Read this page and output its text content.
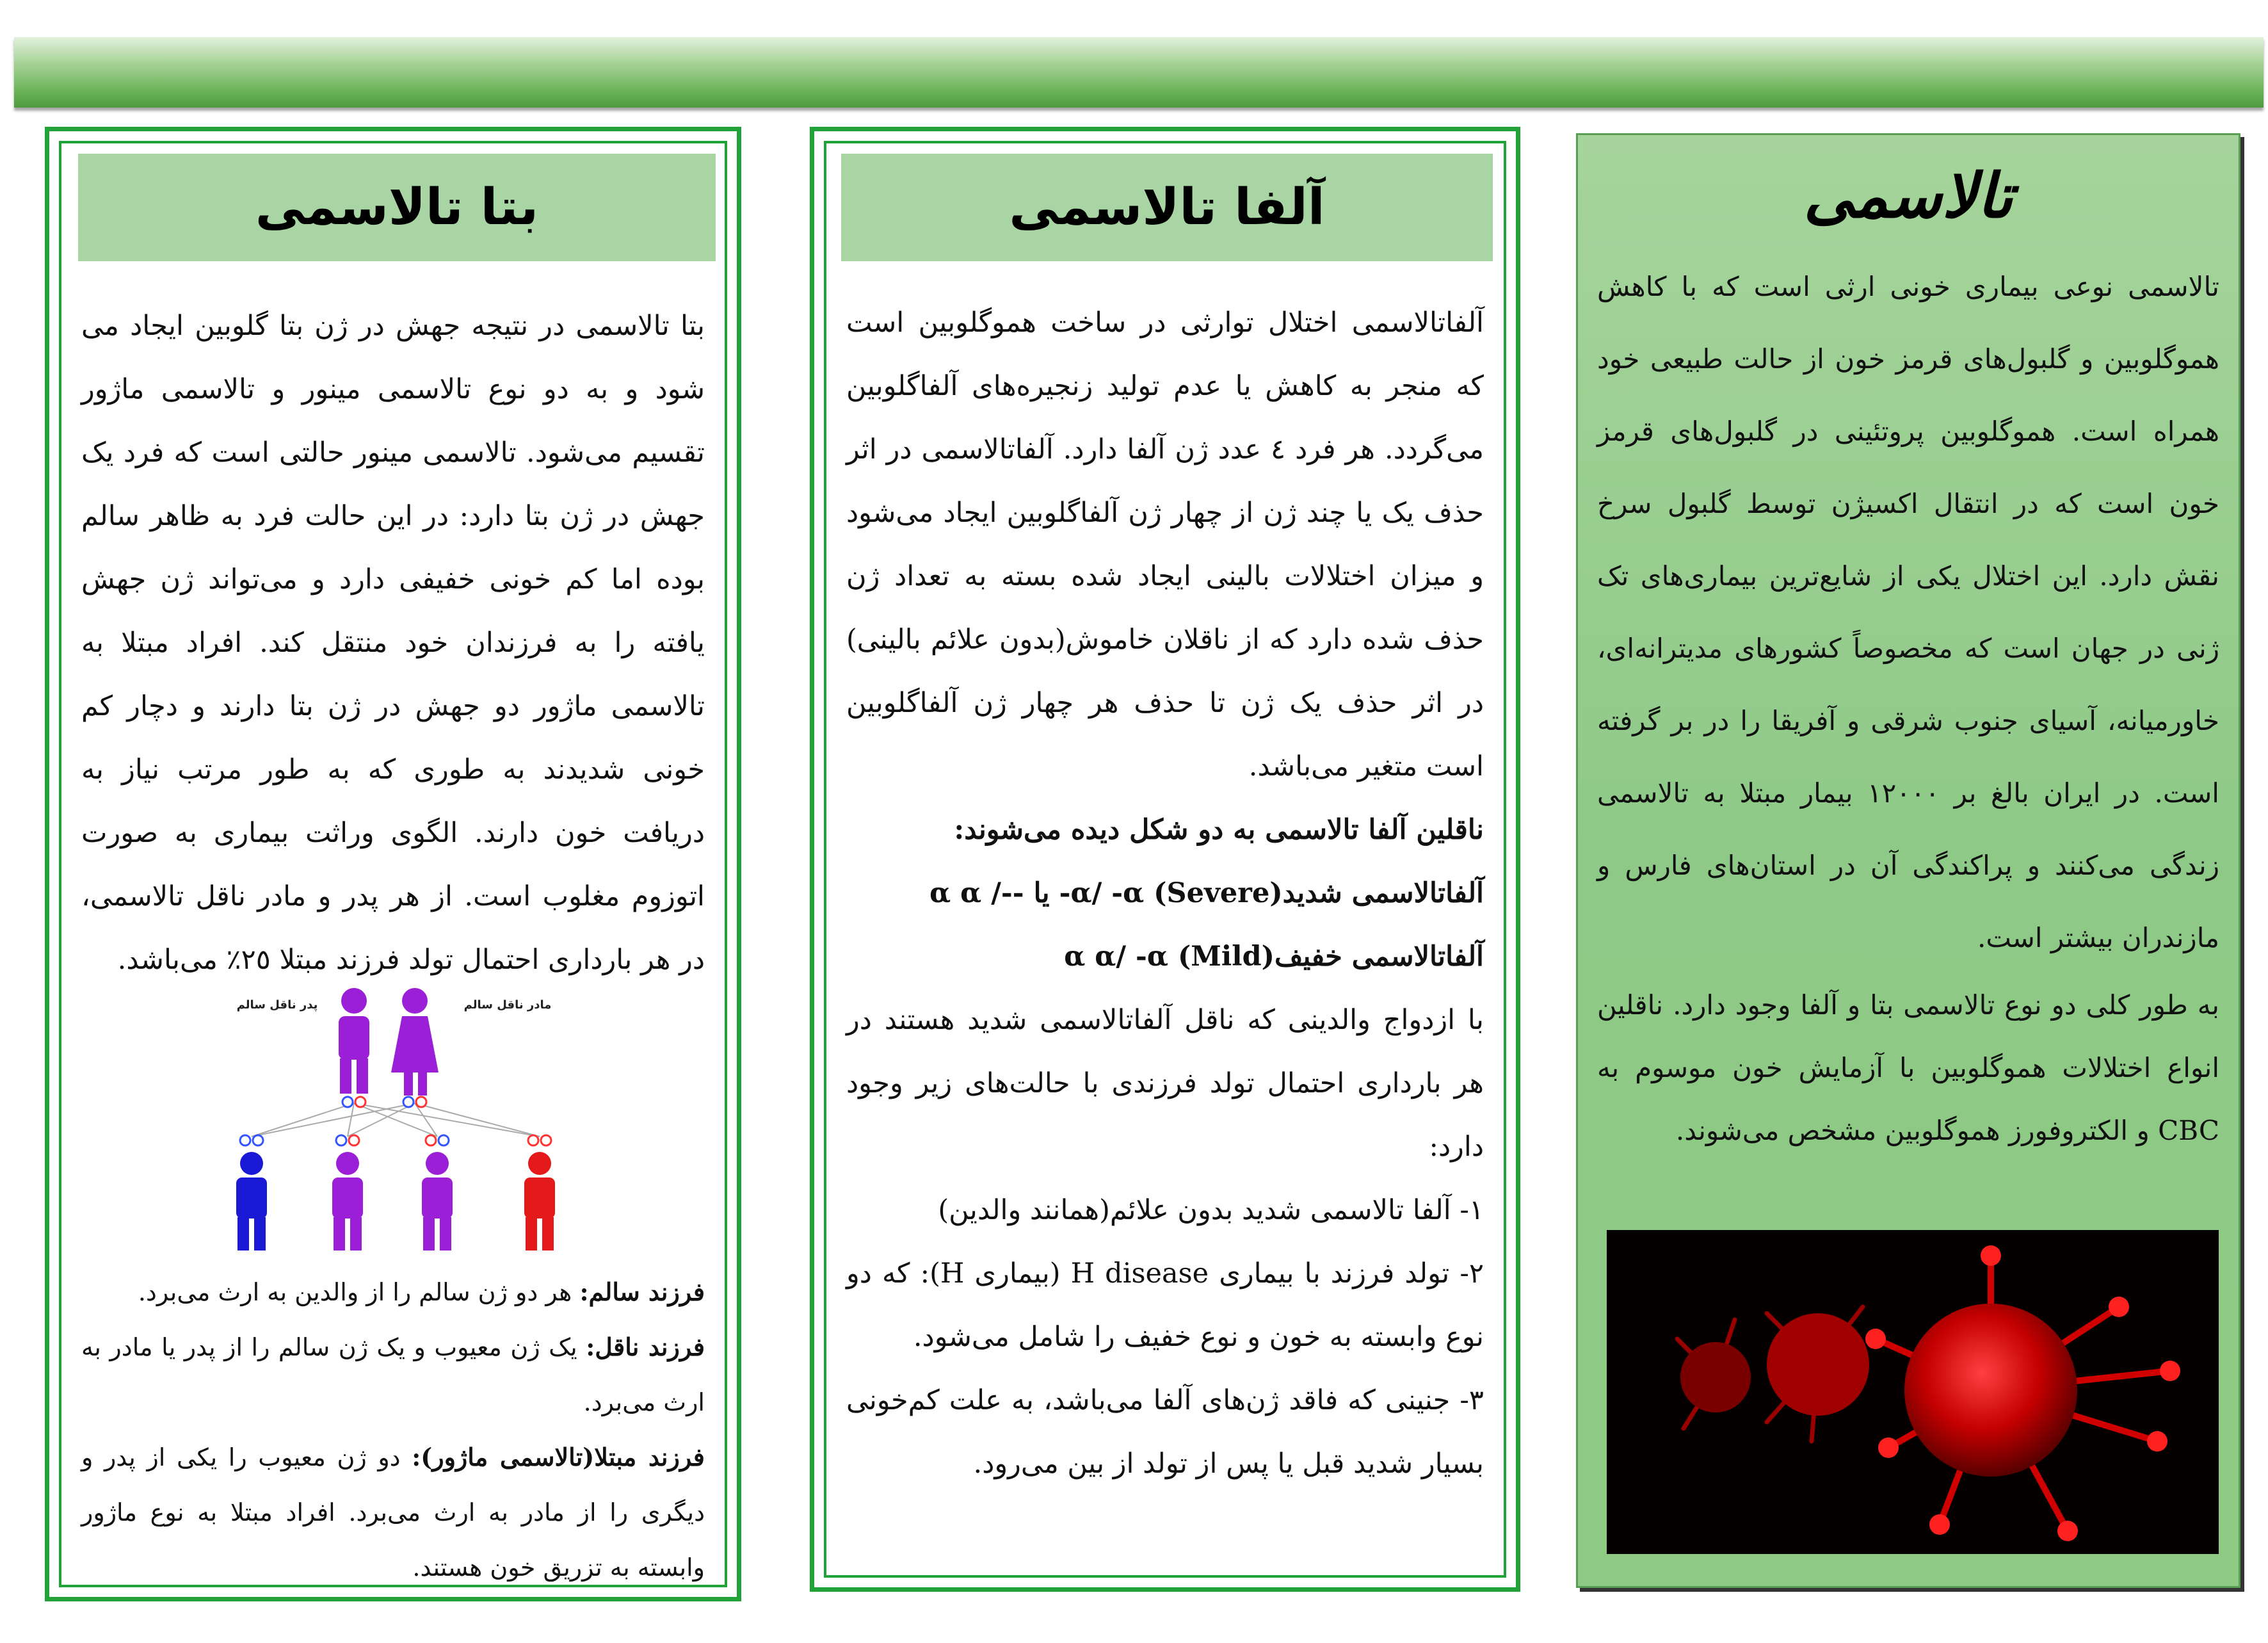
تالاسمی

تالاسمی نوعی بیماری خونی ارثی است که با کاهش هموگلوبین و گلبول‌های قرمز خون از حالت طبیعی خود همراه است. هموگلوبین پروتئینی در گلبول‌های قرمز خون است که در انتقال اکسیژن توسط گلبول سرخ نقش دارد. این اختلال یکی از شایع‌ترین بیماری‌های تک ژنی در جهان است که مخصوصاً کشورهای مدیترانه‌ای، خاورمیانه، آسیای جنوب شرقی و آفریقا را در بر گرفته است. در ایران بالغ بر ۱۲۰۰۰ بیمار مبتلا به تالاسمی زندگی می‌کنند و پراکندگی آن در استان‌های فارس و مازندران بیشتر است.

به طور کلی دو نوع تالاسمی بتا و آلفا وجود دارد. ناقلین انواع اختلالات هموگلوبین با آزمایش خون موسوم به CBC و الکتروفورز هموگلوبین مشخص می‌شوند.

آلفا تالاسمی

آلفاتالاسمی اختلال توارثی در ساخت هموگلوبین است که منجر به کاهش یا عدم تولید زنجیره‌های آلفاگلوبین می‌گردد. هر فرد ٤ عدد ژن آلفا دارد. آلفاتالاسمی در اثر حذف یک یا چند ژن از چهار ژن آلفاگلوبین ایجاد می‌شود و میزان اختلالات بالینی ایجاد شده بسته به تعداد ژن حذف شده دارد که از ناقلان خاموش(بدون علائم بالینی) در اثر حذف یک ژن تا حذف هر چهار ژن آلفاگلوبین است متغیر می‌باشد.

ناقلین آلفا تالاسمی به دو شکل دیده می‌شوند:

آلفاتالاسمی شدید(Severe) α α /-- یا -α/ -α

آلفاتالاسمی خفیف(Mild) α α/ -α

با ازدواج والدینی که ناقل آلفاتالاسمی شدید هستند در هر بارداری احتمال تولد فرزندی با حالت‌های زیر وجود دارد:

۱- آلفا تالاسمی شدید بدون علائم(همانند والدین)

۲- تولد فرزند با بیماری H disease (بیماری H): که دو نوع وابسته به خون و نوع خفیف را شامل می‌شود.

۳- جنینی که فاقد ژن‌های آلفا می‌باشد، به علت کم‌خونی بسیار شدید قبل یا پس از تولد از بین می‌رود.

بتا تالاسمی

بتا تالاسمی در نتیجه جهش در ژن بتا گلوبین ایجاد می شود و به دو نوع تالاسمی مینور و تالاسمی ماژور تقسیم می‌شود. تالاسمی مینور حالتی است که فرد یک جهش در ژن بتا دارد: در این حالت فرد به ظاهر سالم بوده اما کم خونی خفیفی دارد و می‌تواند ژن جهش یافته را به فرزندان خود منتقل کند. افراد مبتلا به تالاسمی ماژور دو جهش در ژن بتا دارند و دچار کم خونی شدیدند به طوری که به طور مرتب نیاز به دریافت خون دارند. الگوی وراثت بیماری به صورت اتوزوم مغلوب است. از هر پدر و مادر ناقل تالاسمی، در هر بارداری احتمال تولد فرزند مبتلا ٢٥٪ می‌باشد.

پدر ناقل سالم	مادر ناقل سالم

فرزند سالم: هر دو ژن سالم را از والدین به ارث می‌برد.

فرزند ناقل: یک ژن معیوب و یک ژن سالم را از پدر یا مادر به ارث می‌برد.

فرزند مبتلا(تالاسمی ماژور): دو ژن معیوب را یکی از پدر و دیگری را از مادر به ارث می‌برد. افراد مبتلا به نوع ماژور وابسته به تزریق خون هستند.
